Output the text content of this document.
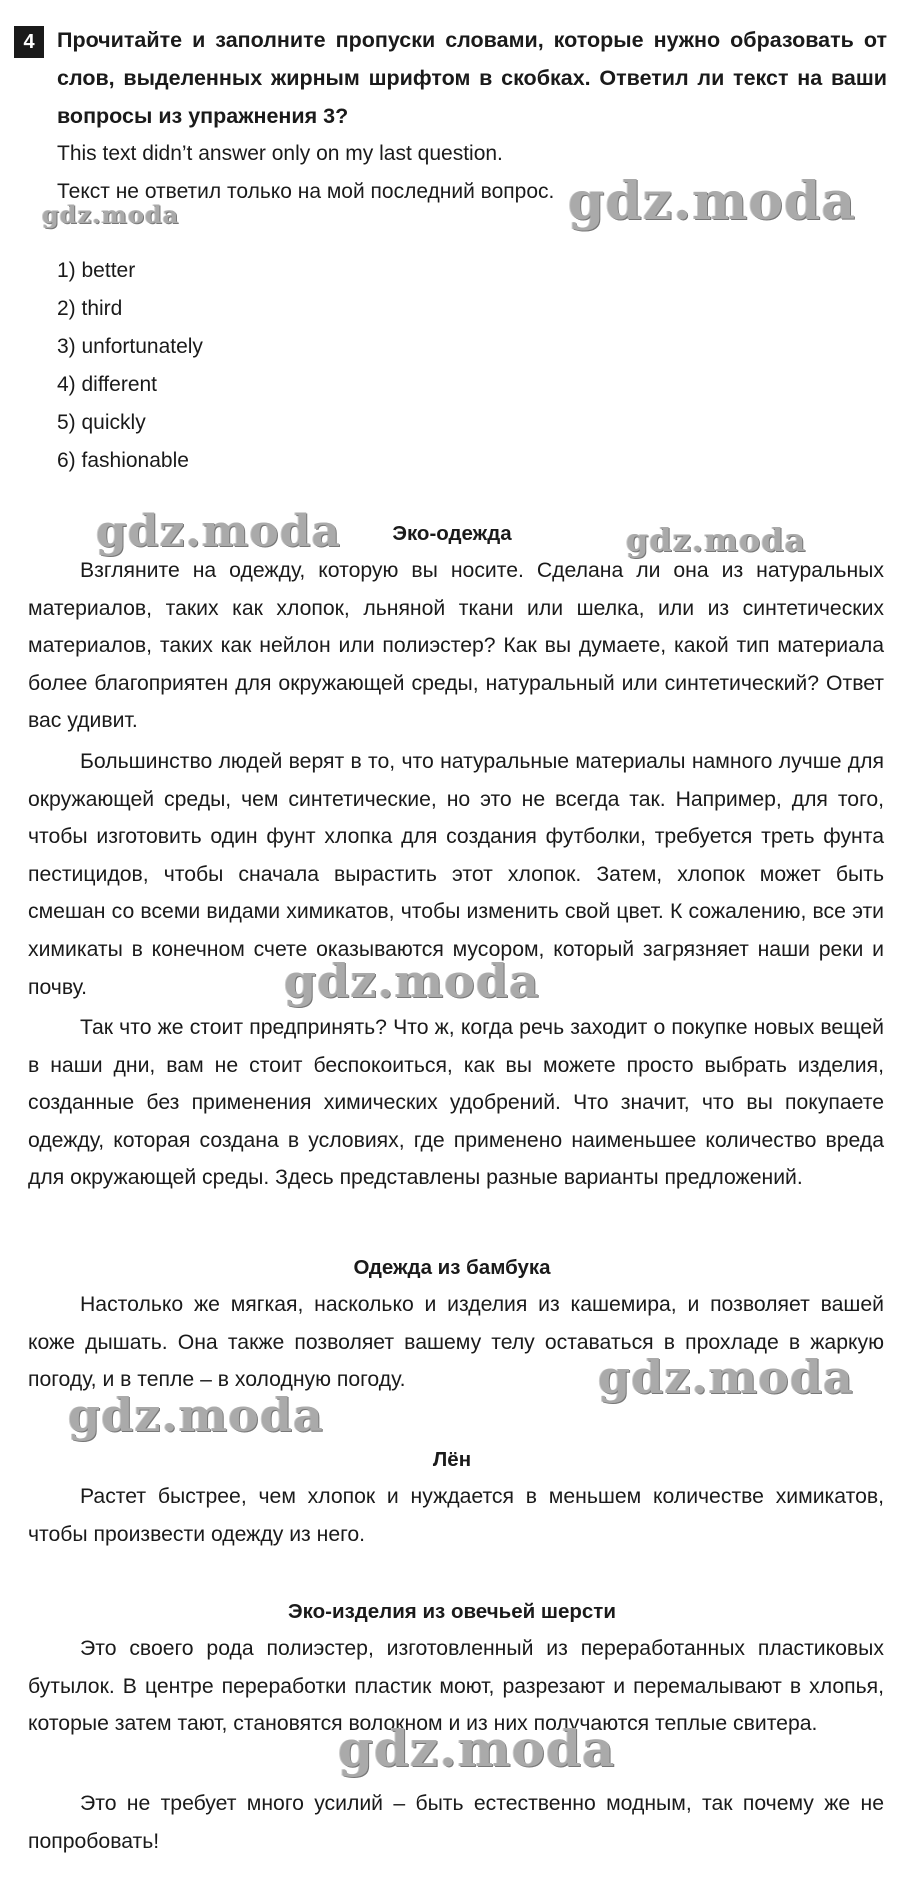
4	Прочитайте и заполните пропуски словами, которые нужно образовать от слов, выделенных жирным шрифтом в скобках. Ответил ли текст на ваши вопросы из упражнения 3?

This text didn’t answer only on my last question.
Текст не ответил только на мой последний вопрос.
1) better
2) third
3) unfortunately
4) different
5) quickly
6) fashionable
Эко-одежда

Взгляните на одежду, которую вы носите. Сделана ли она из натуральных материалов, таких как хлопок, льняной ткани или шелка, или из синтетических материалов, таких как нейлон или полиэстер? Как вы думаете, какой тип материала более благоприятен для окружающей среды, натуральный или синтетический? Ответ вас удивит.

Большинство людей верят в то, что натуральные материалы намного лучше для окружающей среды, чем синтетические, но это не всегда так. Например, для того, чтобы изготовить один фунт хлопка для создания футболки, требуется треть фунта пестицидов, чтобы сначала вырастить этот хлопок. Затем, хлопок может быть смешан со всеми видами химикатов, чтобы изменить свой цвет. К сожалению, все эти химикаты в конечном счете оказываются мусором, который загрязняет наши реки и почву.

Так что же стоит предпринять? Что ж, когда речь заходит о покупке новых вещей в наши дни, вам не стоит беспокоиться, как вы можете просто выбрать изделия, созданные без применения химических удобрений. Что значит, что вы покупаете одежду, которая создана в условиях, где применено наименьшее количество вреда для окружающей среды. Здесь представлены разные варианты предложений.

Одежда из бамбука

Настолько же мягкая, насколько и изделия из кашемира, и позволяет вашей коже дышать. Она также позволяет вашему телу оставаться в прохладе в жаркую погоду, и в тепле – в холодную погоду.

Лён

Растет быстрее, чем хлопок и нуждается в меньшем количестве химикатов, чтобы произвести одежду из него.

Эко-изделия из овечьей шерсти

Это своего рода полиэстер, изготовленный из переработанных пластиковых бутылок. В центре переработки пластик моют, разрезают и перемалывают в хлопья, которые затем тают, становятся волокном и из них получаются теплые свитера.

Это не требует много усилий – быть естественно модным, так почему же не попробовать!

gdz.moda	gdz.moda
gdz.moda	gdz.moda
gdz.moda
gdz.moda
gdz.moda
gdz.moda
